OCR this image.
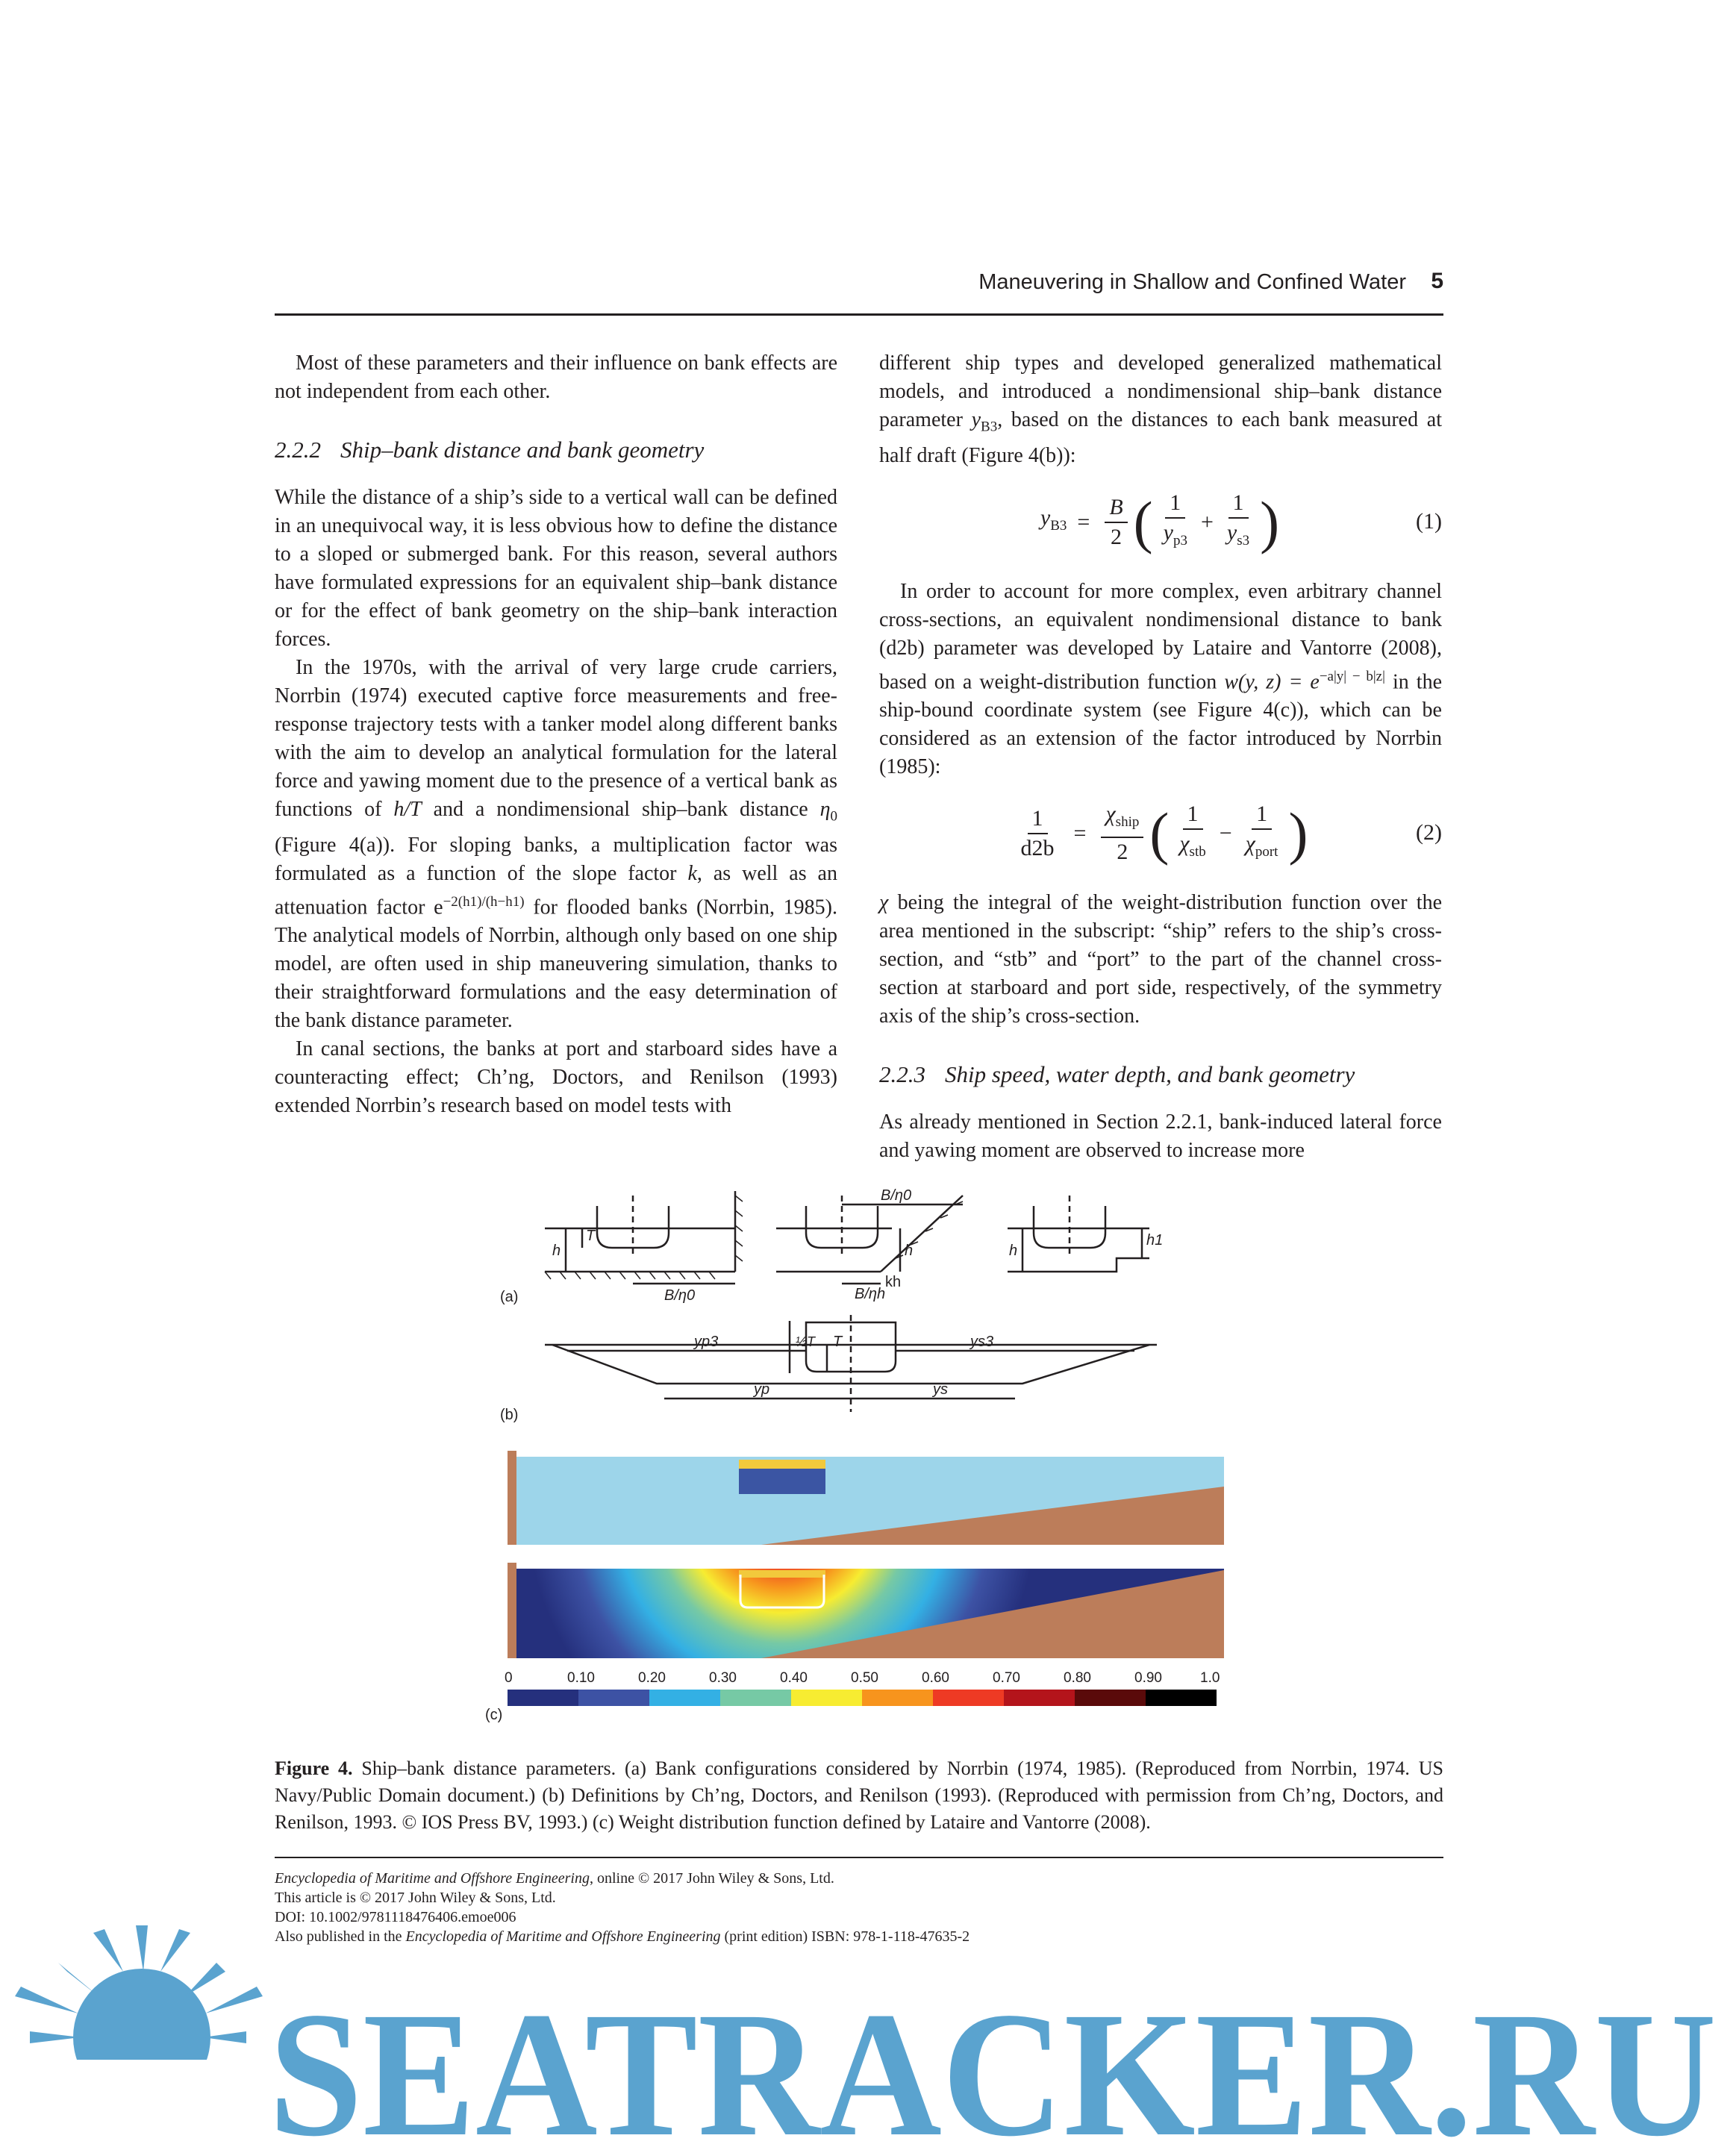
Maneuvering in Shallow and Confined Water 5

Most of these parameters and their influence on bank effects are not independent from each other.

2.2.2 Ship–bank distance and bank geometry

While the distance of a ship’s side to a vertical wall can be defined in an unequivocal way, it is less obvious how to define the distance to a sloped or submerged bank. For this reason, several authors have formulated expressions for an equivalent ship–bank distance or for the effect of bank geometry on the ship–bank interaction forces.

In the 1970s, with the arrival of very large crude carriers, Norrbin (1974) executed captive force measurements and free-response trajectory tests with a tanker model along different banks with the aim to develop an analytical formulation for the lateral force and yawing moment due to the presence of a vertical bank as functions of h/T and a nondimensional ship–bank distance $\eta_0$ (Figure 4(a)). For sloping banks, a multiplication factor was formulated as a function of the slope factor k, as well as an attenuation factor $e^{-2(h1)/(h-h1)}$ for flooded banks (Norrbin, 1985). The analytical models of Norrbin, although only based on one ship model, are often used in ship maneuvering simulation, thanks to their straightforward formulations and the easy determination of the bank distance parameter.

In canal sections, the banks at port and starboard sides have a counteracting effect; Ch’ng, Doctors, and Renilson (1993) extended Norrbin’s research based on model tests with

different ship types and developed generalized mathematical models, and introduced a nondimensional ship–bank distance parameter $y_{B3}$, based on the distances to each bank measured at half draft (Figure 4(b)):

$y_{B3} = \frac{B}{2}$ ( $\frac{1}{y_{p3}} + \frac{1}{y_{s3}}$ )	(1)

In order to account for more complex, even arbitrary channel cross-sections, an equivalent nondimensional distance to bank (d2b) parameter was developed by Lataire and Vantorre (2008), based on a weight-distribution function w(y, $z) = e^{-a|y| - b|z|}$ in the ship-bound coordinate system (see Figure 4(c)), which can be considered as an extension of the factor introduced by Norrbin (1985):

$\frac{1}{d2b} = \frac{\chi_{ship}}{2}$ ( $\frac{1}{\chi_{stb}} - \frac{1}{\chi_{port}}$ )	(2)

χ being the integral of the weight-distribution function over the area mentioned in the subscript: “ship” refers to the ship’s cross-section, and “stb” and “port” to the part of the channel cross-section at starboard and port side, respectively, of the symmetry axis of the ship’s cross-section.

2.2.3 Ship speed, water depth, and bank geometry

As already mentioned in Section 2.2.1, bank-induced lateral force and yawing moment are observed to increase more

(a)
T
h
B/η0
B/η0
h
B/ηh
kh
h
h1
(b)
yp3	½T T	ys3
yp	ys
0	0.10	0.20	0.30	0.40	0.50	0.60	0.70	0.80	0.90	1.0
(c)
Figure 4. Ship–bank distance parameters. (a) Bank configurations considered by Norrbin (1974, 1985). (Reproduced from Norrbin, 1974. US Navy/Public Domain document.) (b) Definitions by Ch’ng, Doctors, and Renilson (1993). (Reproduced with permission from Ch’ng, Doctors, and Renilson, 1993. © IOS Press BV, 1993.) (c) Weight distribution function defined by Lataire and Vantorre (2008).
Encyclopedia of Maritime and Offshore Engineering, online © 2017 John Wiley & Sons, Ltd.
This article is © 2017 John Wiley & Sons, Ltd.
DOI: 10.1002/9781118476406.emoe006
Also published in the Encyclopedia of Maritime and Offshore Engineering (print edition) ISBN: 978-1-118-47635-2
SEATRACKER.RU
